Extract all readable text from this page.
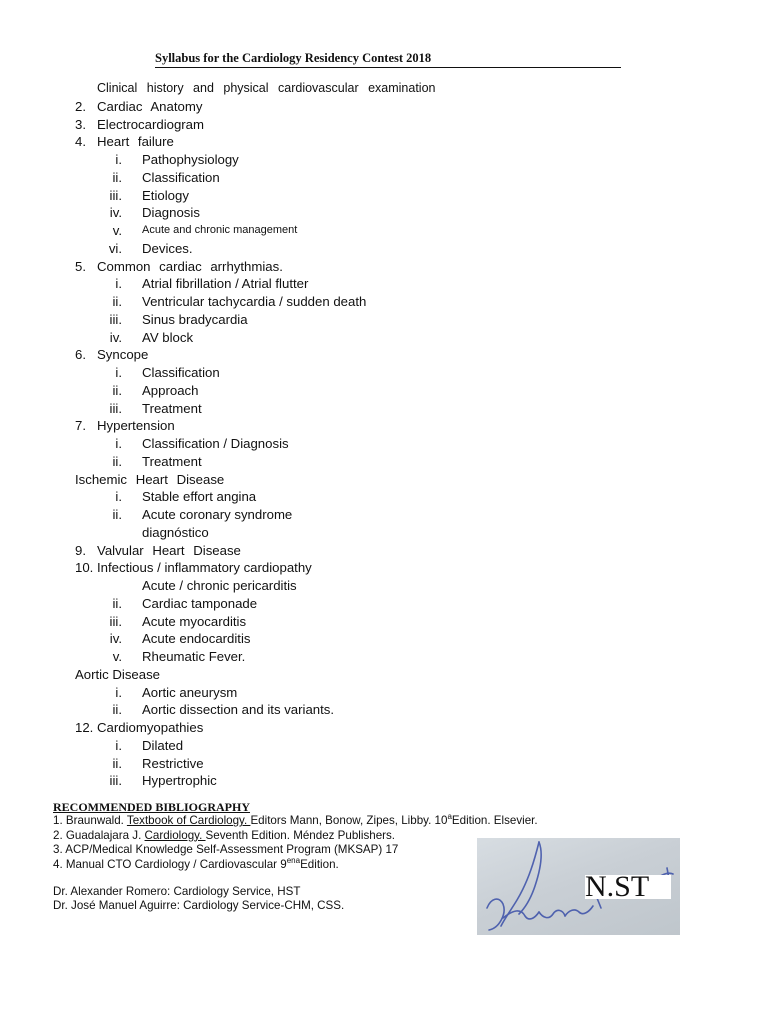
Syllabus for the Cardiology Residency Contest 2018
Clinical history and physical cardiovascular examination
2. Cardiac Anatomy
3. Electrocardiogram
4. Heart failure
i. Pathophysiology
ii. Classification
iii. Etiology
iv. Diagnosis
v. Acute and chronic management
vi. Devices.
5. Common cardiac arrhythmias.
i. Atrial fibrillation / Atrial flutter
ii. Ventricular tachycardia / sudden death
iii. Sinus bradycardia
iv. AV block
6. Syncope
i. Classification
ii. Approach
iii. Treatment
7. Hypertension
i. Classification / Diagnosis
ii. Treatment
Ischemic Heart Disease
i. Stable effort angina
ii. Acute coronary syndrome
diagnóstico
9. Valvular Heart Disease
10. Infectious / inflammatory cardiopathy
Acute / chronic pericarditis
ii. Cardiac tamponade
iii. Acute myocarditis
iv. Acute endocarditis
v. Rheumatic Fever.
Aortic Disease
i. Aortic aneurysm
ii. Aortic dissection and its variants.
12. Cardiomyopathies
i. Dilated
ii. Restrictive
iii. Hypertrophic
RECOMMENDED BIBLIOGRAPHY
1. Braunwald. Textbook of Cardiology. Editors Mann, Bonow, Zipes, Libby. 10$^a$Edition. Elsevier.
2. Guadalajara J. Cardiology. Seventh Edition. Méndez Publishers.
3. ACP/Medical Knowledge Self-Assessment Program (MKSAP) 17
4. Manual CTO Cardiology / Cardiovascular $9^{ena}Edition$.
Dr. Alexander Romero: Cardiology Service, HST
Dr. José Manuel Aguirre: Cardiology Service-CHM, CSS.
N.ST
